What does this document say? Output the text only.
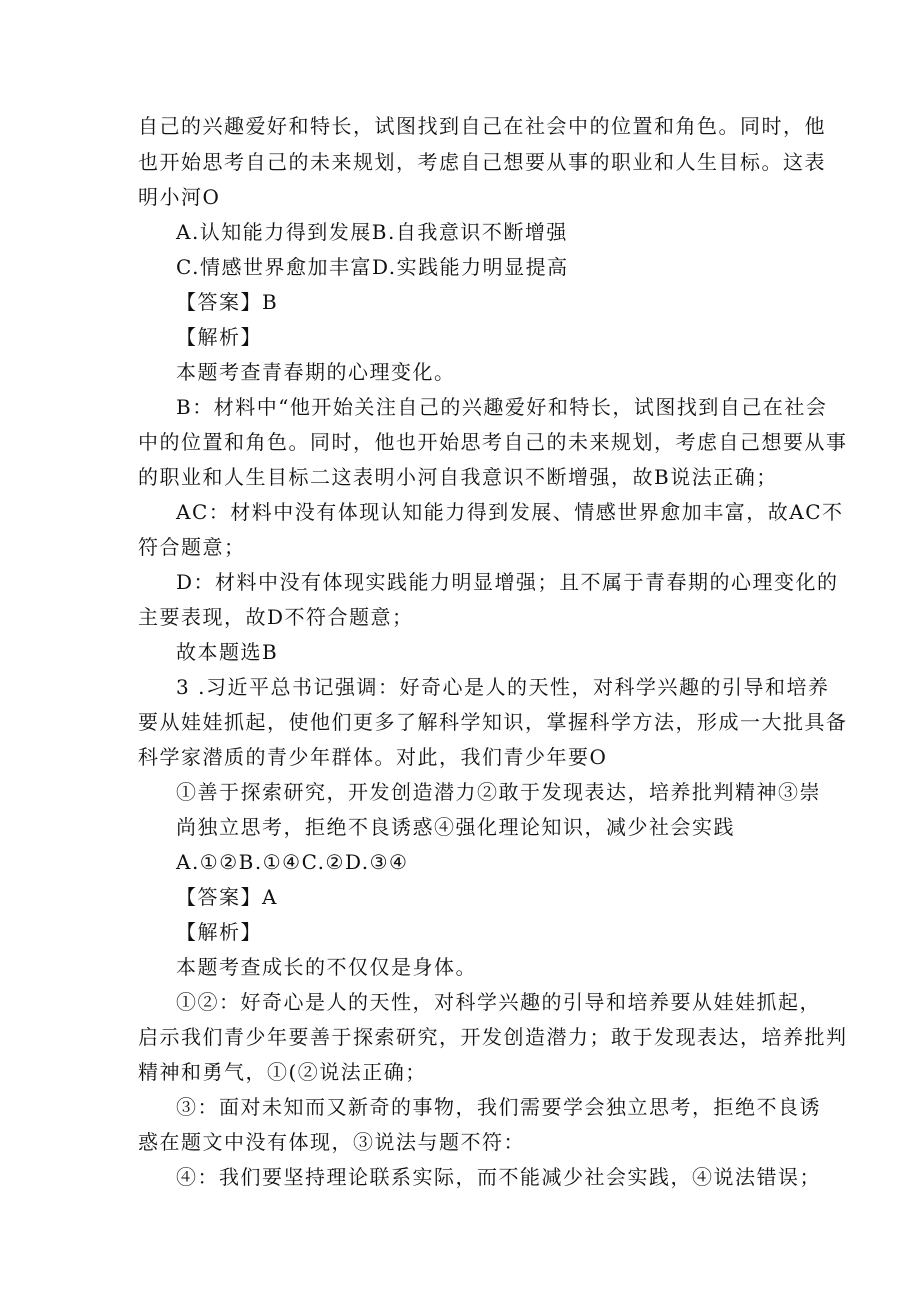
自己的兴趣爱好和特长，试图找到自己在社会中的位置和角色。同时，他
也开始思考自己的未来规划，考虑自己想要从事的职业和人生目标。这表
明小河O
A.认知能力得到发展B.自我意识不断增强
C.情感世界愈加丰富D.实践能力明显提高
【答案】B
【解析】
本题考查青春期的心理变化。
B：材料中“他开始关注自己的兴趣爱好和特长，试图找到自己在社会
中的位置和角色。同时，他也开始思考自己的未来规划，考虑自己想要从事
的职业和人生目标二这表明小河自我意识不断增强，故B说法正确；
AC：材料中没有体现认知能力得到发展、情感世界愈加丰富，故AC不
符合题意；
D：材料中没有体现实践能力明显增强；且不属于青春期的心理变化的
主要表现，故D不符合题意；
故本题选B
3 .习近平总书记强调：好奇心是人的天性，对科学兴趣的引导和培养
要从娃娃抓起，使他们更多了解科学知识，掌握科学方法，形成一大批具备
科学家潜质的青少年群体。对此，我们青少年要O
①善于探索研究，开发创造潜力②敢于发现表达，培养批判精神③崇
尚独立思考，拒绝不良诱惑④强化理论知识，减少社会实践
A.①②B.①④C.②D.③④
【答案】A
【解析】
本题考查成长的不仅仅是身体。
①②：好奇心是人的天性，对科学兴趣的引导和培养要从娃娃抓起，
启示我们青少年要善于探索研究，开发创造潜力；敢于发现表达，培养批判
精神和勇气，①(②说法正确；
③：面对未知而又新奇的事物，我们需要学会独立思考，拒绝不良诱
惑在题文中没有体现，③说法与题不符：
④：我们要坚持理论联系实际，而不能减少社会实践，④说法错误；
